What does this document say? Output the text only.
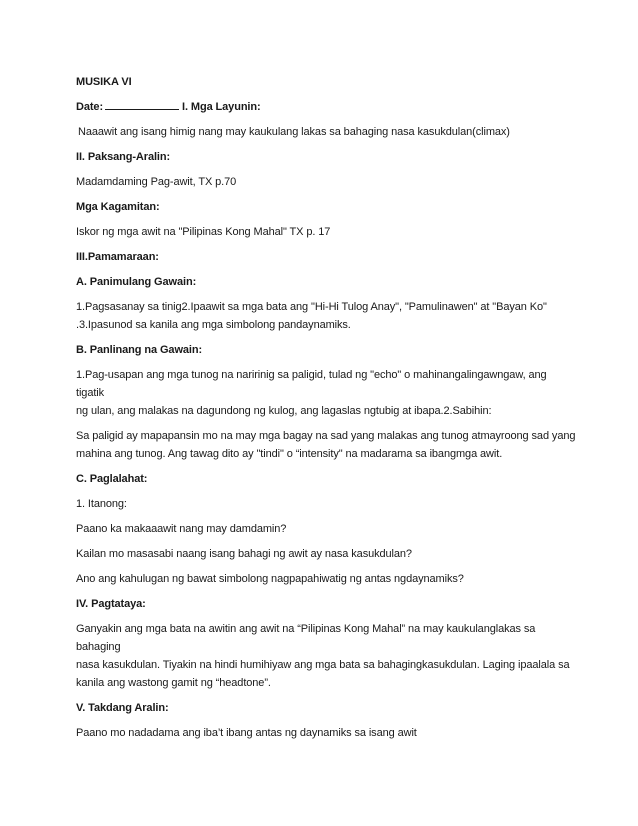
MUSIKA VI

Date:	I. Mga Layunin:

Naaawit ang isang himig nang may kaukulang lakas sa bahaging nasa kasukdulan(climax)

II. Paksang-Aralin:

Madamdaming Pag-awit, TX p.70

Mga Kagamitan:

Iskor ng mga awit na "Pilipinas Kong Mahal" TX p. 17

III.Pamamaraan:

A. Panimulang Gawain:

1.Pagsasanay sa tinig2.Ipaawit sa mga bata ang "Hi-Hi Tulog Anay", "Pamulinawen" at "Bayan Ko"
.3.Ipasunod sa kanila ang mga simbolong pandaynamiks.

B. Panlinang na Gawain:

1.Pag-usapan ang mga tunog na naririnig sa paligid, tulad ng "echo" o mahinangalingawngaw, ang tigatik
ng ulan, ang malakas na dagundong ng kulog, ang lagaslas ngtubig at ibapa.2.Sabihin:

Sa paligid ay mapapansin mo na may mga bagay na sad yang malakas ang tunog atmayroong sad yang
mahina ang tunog. Ang tawag dito ay "tindi" o “intensity" na madarama sa ibangmga awit.

C. Paglalahat:

1. Itanong:

Paano ka makaaawit nang may damdamin?

Kailan mo masasabi naang isang bahagi ng awit ay nasa kasukdulan?

Ano ang kahulugan ng bawat simbolong nagpapahiwatig ng antas ngdaynamiks?

IV. Pagtataya:

Ganyakin ang mga bata na awitin ang awit na “Pilipinas Kong Mahal” na may kaukulanglakas sa bahaging
nasa kasukdulan. Tiyakin na hindi humihiyaw ang mga bata sa bahagingkasukdulan. Laging ipaalala sa
kanila ang wastong gamit ng “headtone”.

V. Takdang Aralin:

Paano mo nadadama ang iba’t ibang antas ng daynamiks sa isang awit
